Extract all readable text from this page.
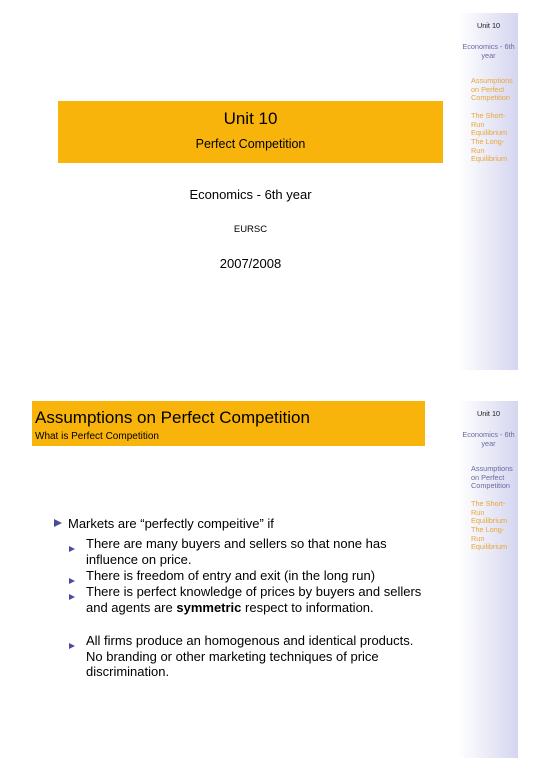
Unit 10
Economics - 6th year
Assumptions on Perfect Competition
The Short-Run Equilibrium
The Long-Run Equilibrium
Unit 10
Perfect Competition
Economics - 6th year
EURSC
2007/2008
Unit 10
Economics - 6th year
Assumptions on Perfect Competition
The Short-Run Equilibrium
The Long-Run Equilibrium
Assumptions on Perfect Competition
What is Perfect Competition
Markets are “perfectly compeitive” if
There are many buyers and sellers so that none has influence on price.
There is freedom of entry and exit (in the long run)
There is perfect knowledge of prices by buyers and sellers and agents are symmetric respect to information.
All firms produce an homogenous and identical products. No branding or other marketing techniques of price discrimination.
